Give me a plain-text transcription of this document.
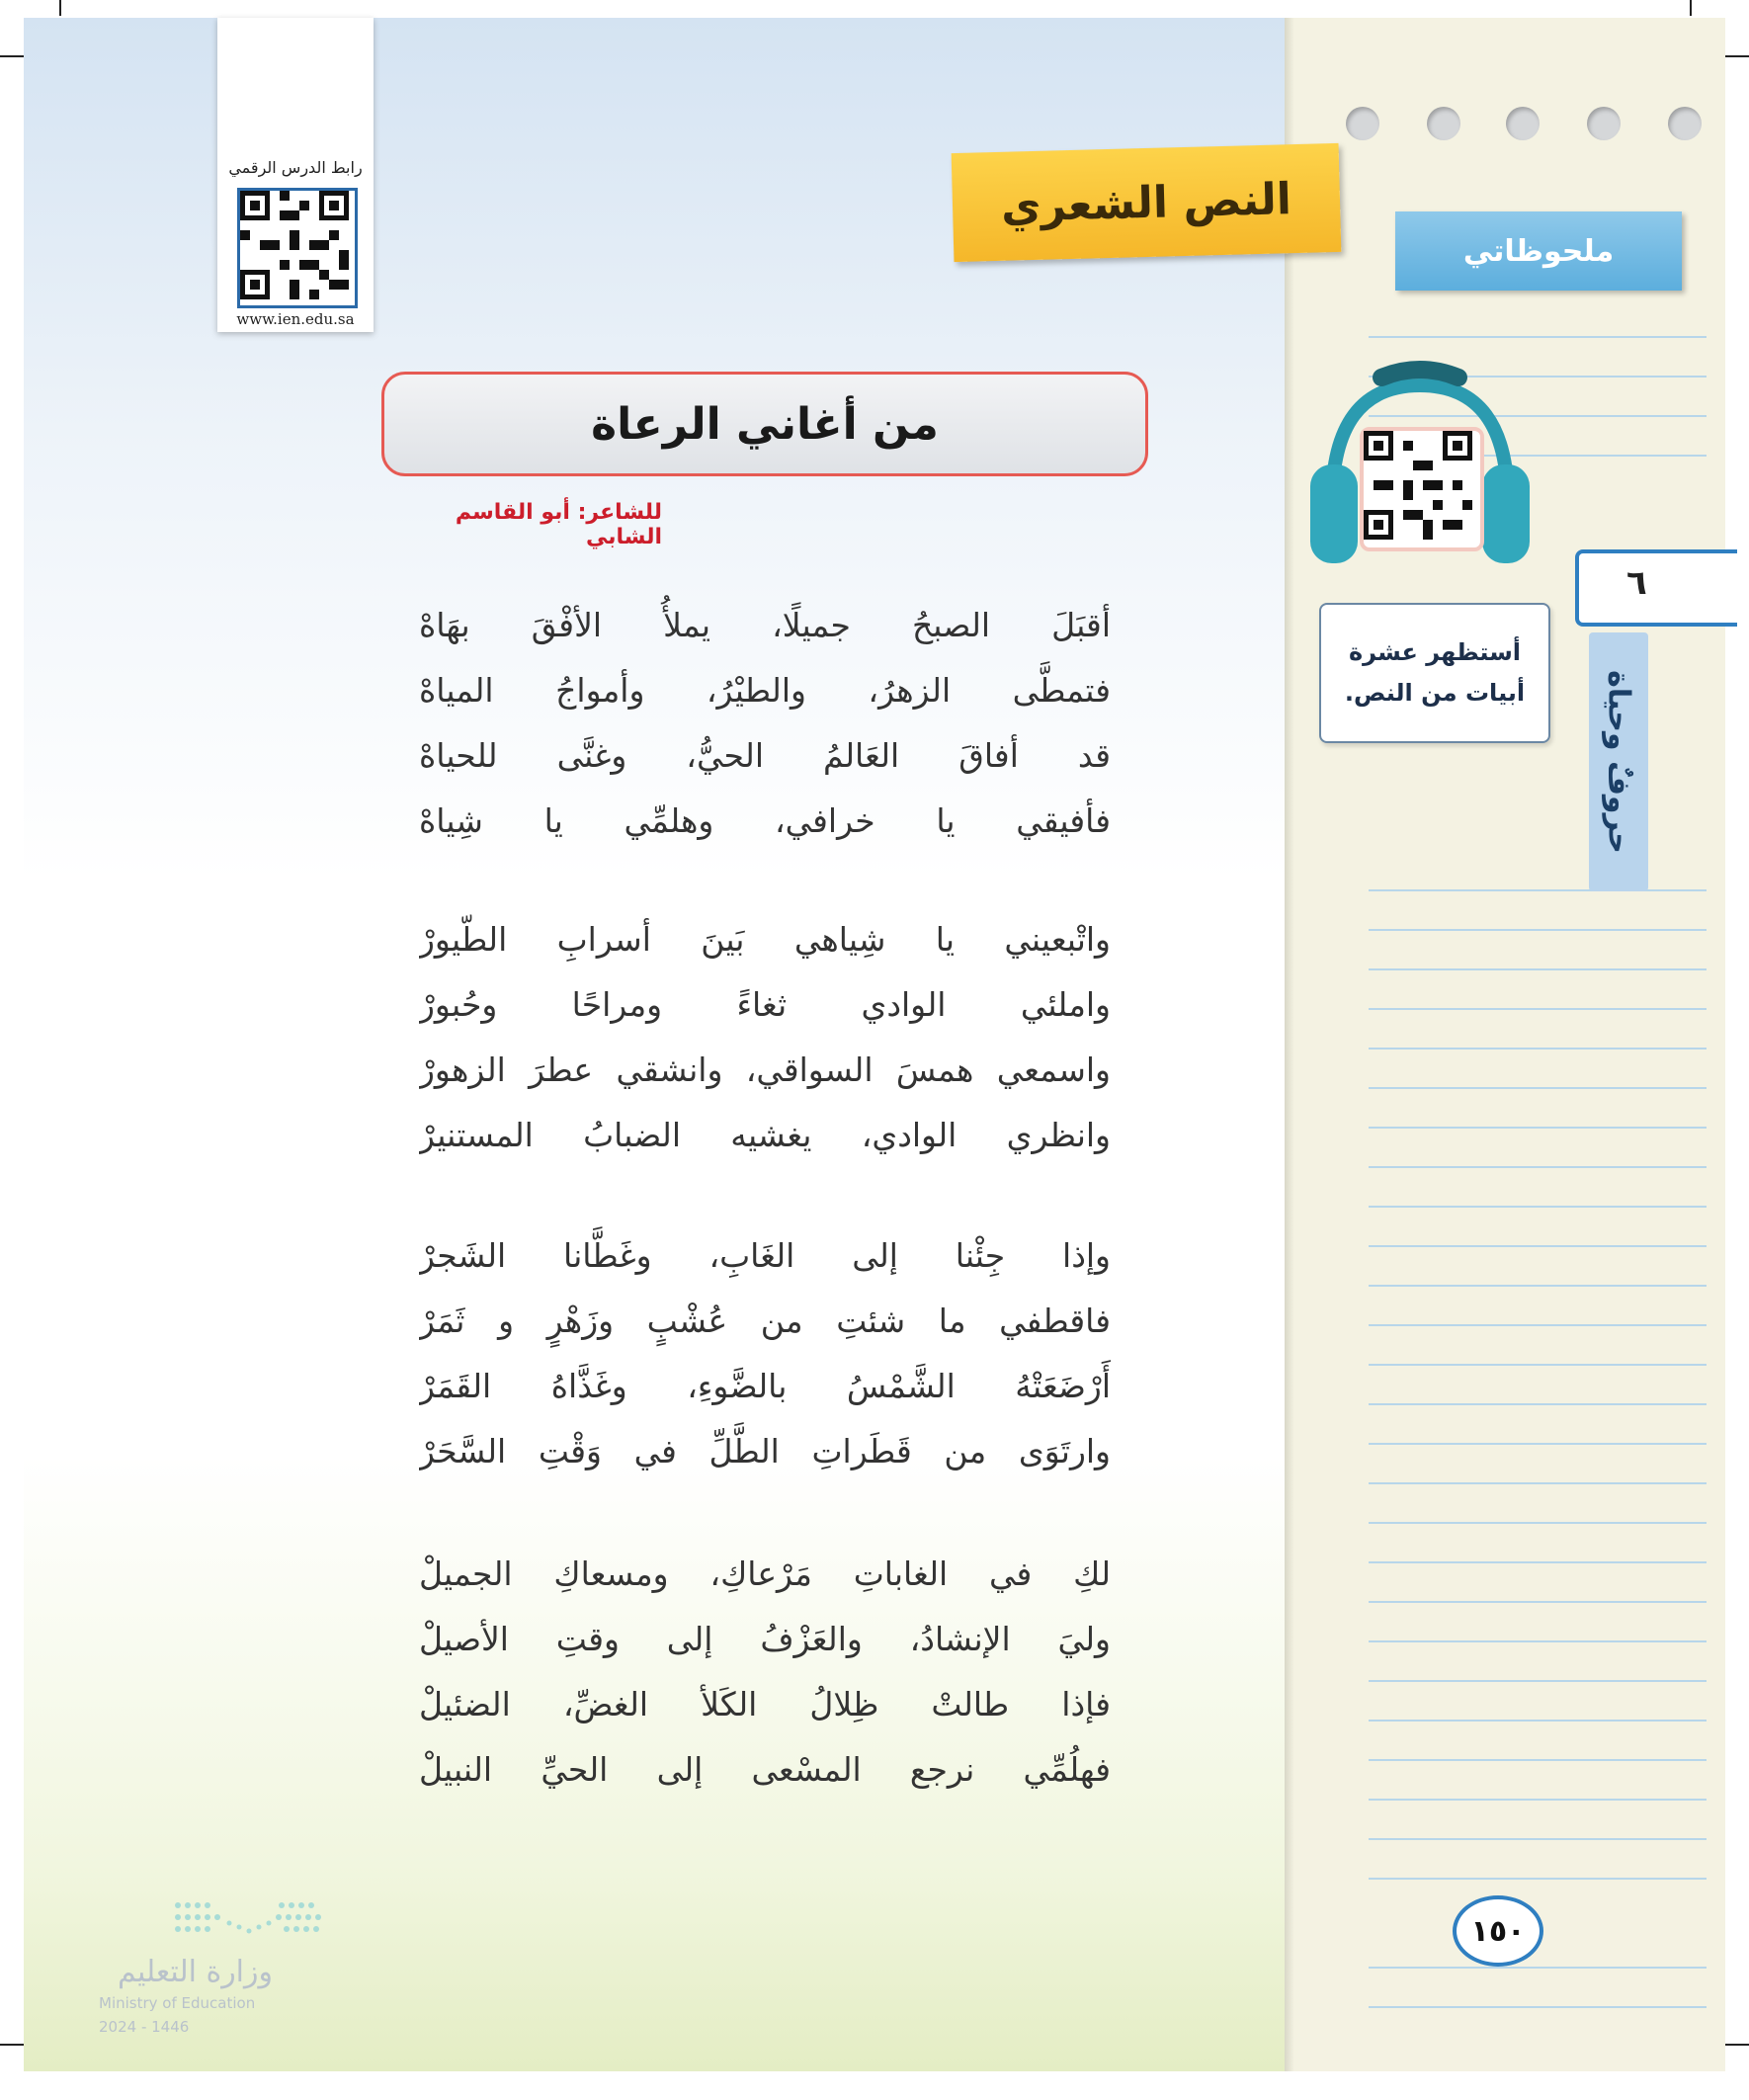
رابط الدرس الرقمي
www.ien.edu.sa
النص الشعري
ملحوظاتي
٦
حروفٌ وحياة
أستظهر عشرة
أبيات من النص.
من أغاني الرعاة
للشاعر: أبو القاسم الشابي
أقبَلَ الصبحُ جميلًا، يملأُ الأفْقَ بهَاهْ
فتمطَّى الزهرُ، والطيْرُ، وأمواجُ المياهْ
قد أفاقَ العَالمُ الحيُّ، وغنَّى للحياهْ
فأفيقي يا خرافي، وهلمِّي يا شِياهْ
واتْبعيني يا شِياهي بَينَ أسرابِ الطّيورْ
واملئي الوادي ثغاءً ومراحًا وحُبورْ
واسمعي همسَ السواقي، وانشقي عطرَ الزهورْ
وانظري الوادي، يغشيه الضبابُ المستنيرْ
وإذا جِئْنا إلى الغَابِ، وغَطَّانا الشَجرْ
فاقطفي ما شئتِ من عُشْبٍ وزَهْرٍ و ثَمَرْ
أَرْضَعَتْهُ الشَّمْسُ بالضَّوءِ، وغَذَّاهُ القَمَرْ
وارتَوَى من قَطَراتِ الطَّلِّ في وَقْتِ السَّحَرْ
لكِ في الغاباتِ مَرْعاكِ، ومسعاكِ الجميلْ
وليَ الإنشادُ، والعَزْفُ إلى وقتِ الأصيلْ
فإذا طالتْ ظِلالُ الكَلأ الغضِّ، الضئيلْ
فهلُمِّي نرجع المسْعى إلى الحيِّ النبيلْ
وزارة التعليم
Ministry of Education
2024 - 1446
١٥٠
